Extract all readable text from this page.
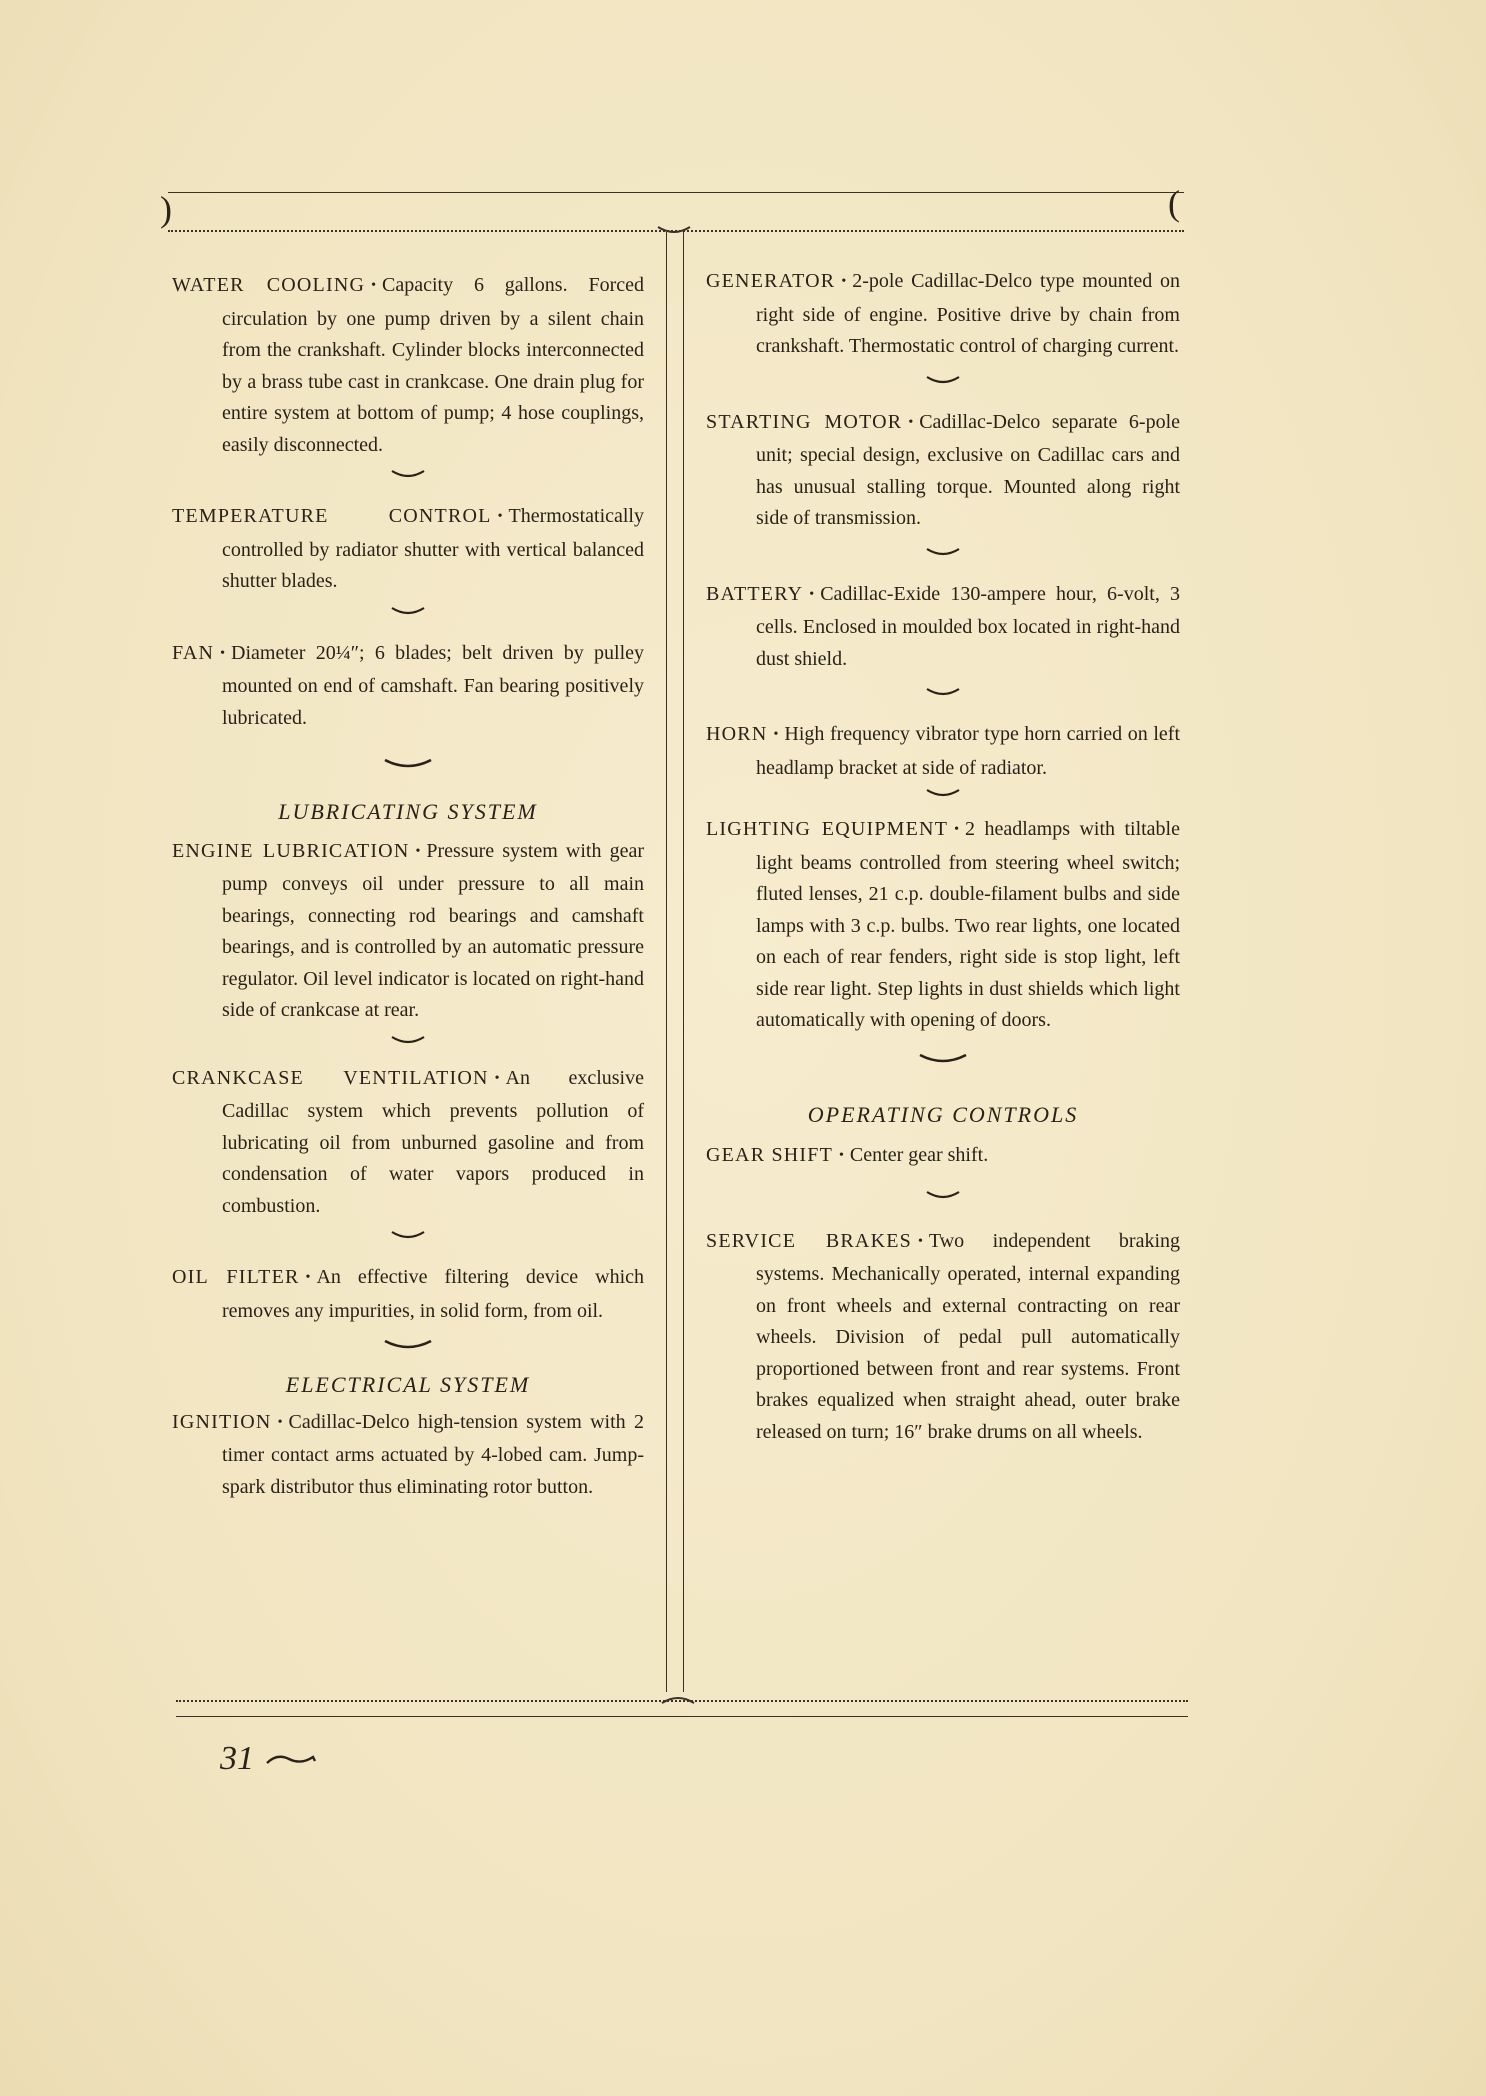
)	(

WATER COOLING • Capacity 6 gallons. Forced circulation by one pump driven by a silent chain from the crankshaft. Cylinder blocks interconnected by a brass tube cast in crankcase. One drain plug for entire system at bottom of pump; 4 hose couplings, easily disconnected.

TEMPERATURE CONTROL • Thermostatically controlled by radiator shutter with vertical balanced shutter blades.

FAN • Diameter 20¼″; 6 blades; belt driven by pulley mounted on end of camshaft. Fan bearing positively lubricated.

LUBRICATING SYSTEM

ENGINE LUBRICATION • Pressure system with gear pump conveys oil under pressure to all main bearings, connecting rod bearings and camshaft bearings, and is controlled by an automatic pressure regulator. Oil level indicator is located on right-hand side of crankcase at rear.

CRANKCASE VENTILATION • An exclusive Cadillac system which prevents pollution of lubricating oil from unburned gasoline and from condensation of water vapors produced in combustion.

OIL FILTER • An effective filtering device which removes any impurities, in solid form, from oil.

ELECTRICAL SYSTEM

IGNITION • Cadillac-Delco high-tension system with 2 timer contact arms actuated by 4-lobed cam. Jump-spark distributor thus eliminating rotor button.

GENERATOR • 2-pole Cadillac-Delco type mounted on right side of engine. Positive drive by chain from crankshaft. Thermostatic control of charging current.

STARTING MOTOR • Cadillac-Delco separate 6-pole unit; special design, exclusive on Cadillac cars and has unusual stalling torque. Mounted along right side of transmission.

BATTERY • Cadillac-Exide 130-ampere hour, 6-volt, 3 cells. Enclosed in moulded box located in right-hand dust shield.

HORN • High frequency vibrator type horn carried on left headlamp bracket at side of radiator.

LIGHTING EQUIPMENT • 2 headlamps with tiltable light beams controlled from steering wheel switch; fluted lenses, 21 c.p. double-filament bulbs and side lamps with 3 c.p. bulbs. Two rear lights, one located on each of rear fenders, right side is stop light, left side rear light. Step lights in dust shields which light automatically with opening of doors.

OPERATING CONTROLS

GEAR SHIFT • Center gear shift.

SERVICE BRAKES • Two independent braking systems. Mechanically operated, internal expanding on front wheels and external contracting on rear wheels. Division of pedal pull automatically proportioned between front and rear systems. Front brakes equalized when straight ahead, outer brake released on turn; 16″ brake drums on all wheels.

31
